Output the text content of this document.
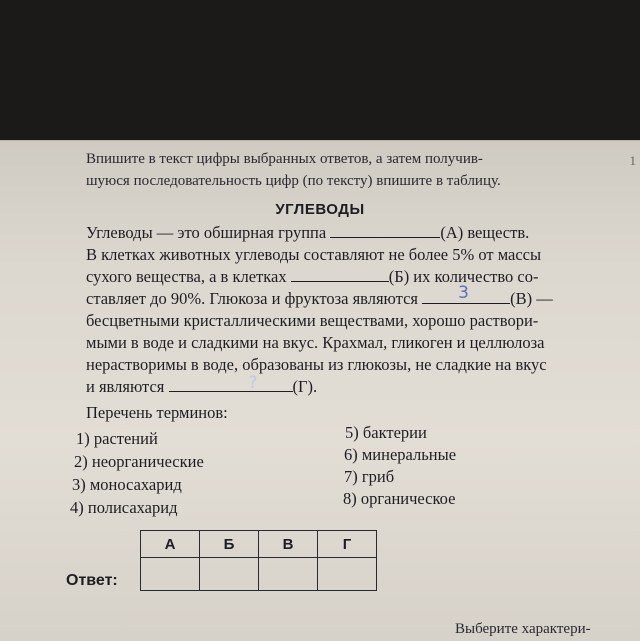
1
Впишите в текст цифры выбранных ответов, а затем получив-
шуюся последовательность цифр (по тексту) впишите в таблицу.
УГЛЕВОДЫ
Углеводы — это обширная группа	(А) веществ.
В клетках животных углеводы составляют не более 5% от массы
сухого вещества, а в клетках	(Б) их количество со-
ставляет до 90%. Глюкоза и фруктоза являются 3 (В) —
бесцветными кристаллическими веществами, хорошо раствори-
мыми в воде и сладкими на вкус. Крахмал, гликоген и целлюлоза
нерастворимы в воде, образованы из глюкозы, не сладкие на вкус
и являются	? (Г).
Перечень терминов:
1) растений
2) неорганические
3) моносахарид
4) полисахарид
5) бактерии
6) минеральные
7) гриб
8) органическое
А	Б	В	Г

Ответ:
Выберите характери-
